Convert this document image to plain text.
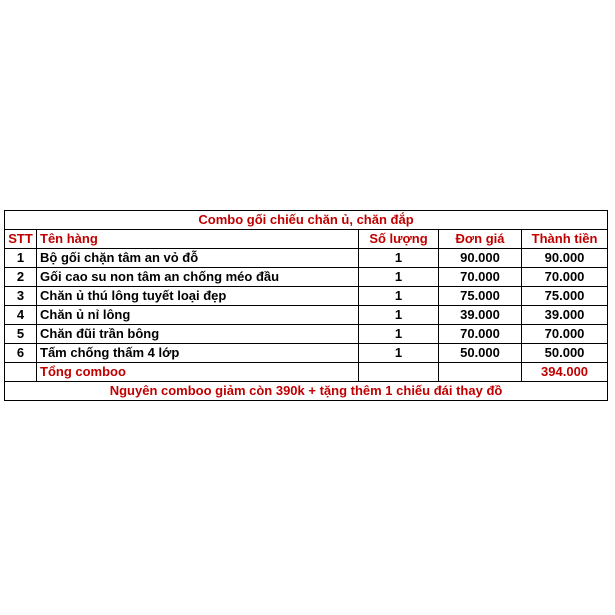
Combo gối chiếu chăn ủ, chăn đắp				
STT	Tên hàng	Số lượng	Đơn giá	Thành tiền
1	Bộ gối chặn tâm an vỏ đỗ	1	90.000	90.000
2	Gối cao su non tâm an chống méo đầu	1	70.000	70.000
3	Chăn ủ thú lông tuyết loại đẹp	1	75.000	75.000
4	Chăn ủ nỉ lông	1	39.000	39.000
5	Chăn đũi trần bông	1	70.000	70.000
6	Tấm chống thấm 4 lớp	1	50.000	50.000
	Tổng comboo			394.000
Nguyên comboo giảm còn 390k + tặng thêm 1 chiếu đái thay đồ				
